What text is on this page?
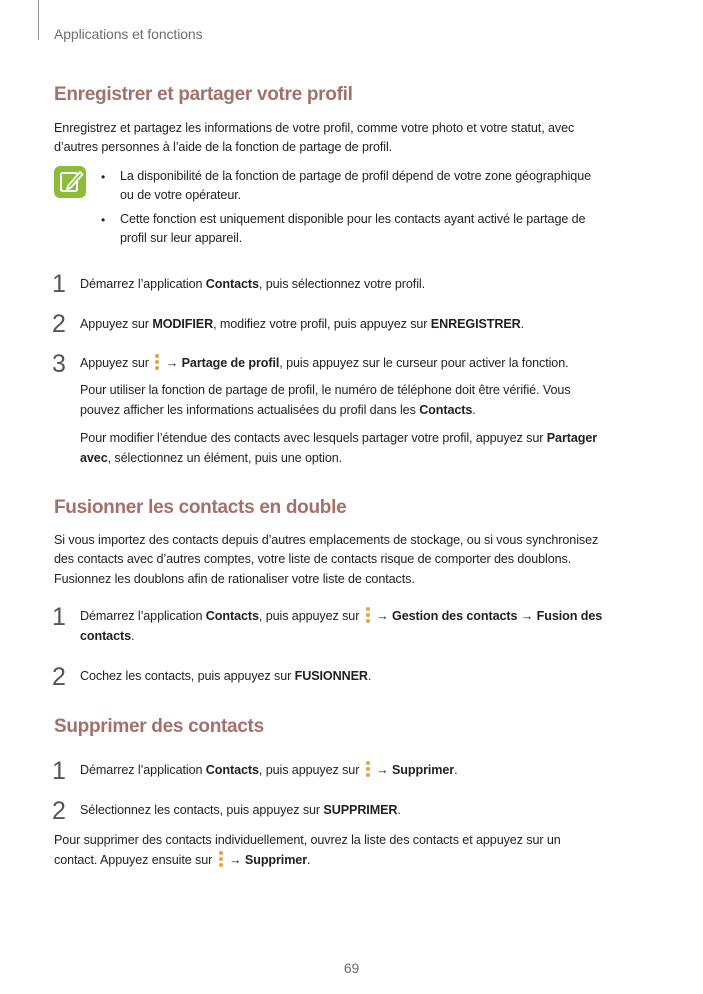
Applications et fonctions
Enregistrer et partager votre profil

Enregistrez et partagez les informations de votre profil, comme votre photo et votre statut, avec

d’autres personnes à l’aide de la fonction de partage de profil.

• La disponibilité de la fonction de partage de profil dépend de votre zone géographique

ou de votre opérateur.

• Cette fonction est uniquement disponible pour les contacts ayant activé le partage de

profil sur leur appareil.

1 Démarrez l’application Contacts, puis sélectionnez votre profil.

2 Appuyez sur MODIFIER, modifiez votre profil, puis appuyez sur ENREGISTRER.

3 Appuyez sur
→ Partage de profil, puis appuyez sur le curseur pour activer la fonction.

Pour utiliser la fonction de partage de profil, le numéro de téléphone doit être vérifié. Vous

pouvez afficher les informations actualisées du profil dans les Contacts.

Pour modifier l’étendue des contacts avec lesquels partager votre profil, appuyez sur Partager

avec, sélectionnez un élément, puis une option.

Fusionner les contacts en double

Si vous importez des contacts depuis d’autres emplacements de stockage, ou si vous synchronisez

des contacts avec d’autres comptes, votre liste de contacts risque de comporter des doublons.

Fusionnez les doublons afin de rationaliser votre liste de contacts.

1 Démarrez l’application Contacts, puis appuyez sur
→ Gestion des contacts → Fusion des

contacts.

2 Cochez les contacts, puis appuyez sur FUSIONNER.

Supprimer des contacts
1 Démarrez l’application Contacts, puis appuyez sur
→ Supprimer.

2 Sélectionnez les contacts, puis appuyez sur SUPPRIMER.

Pour supprimer des contacts individuellement, ouvrez la liste des contacts et appuyez sur un

contact. Appuyez ensuite sur
→ Supprimer.

69
